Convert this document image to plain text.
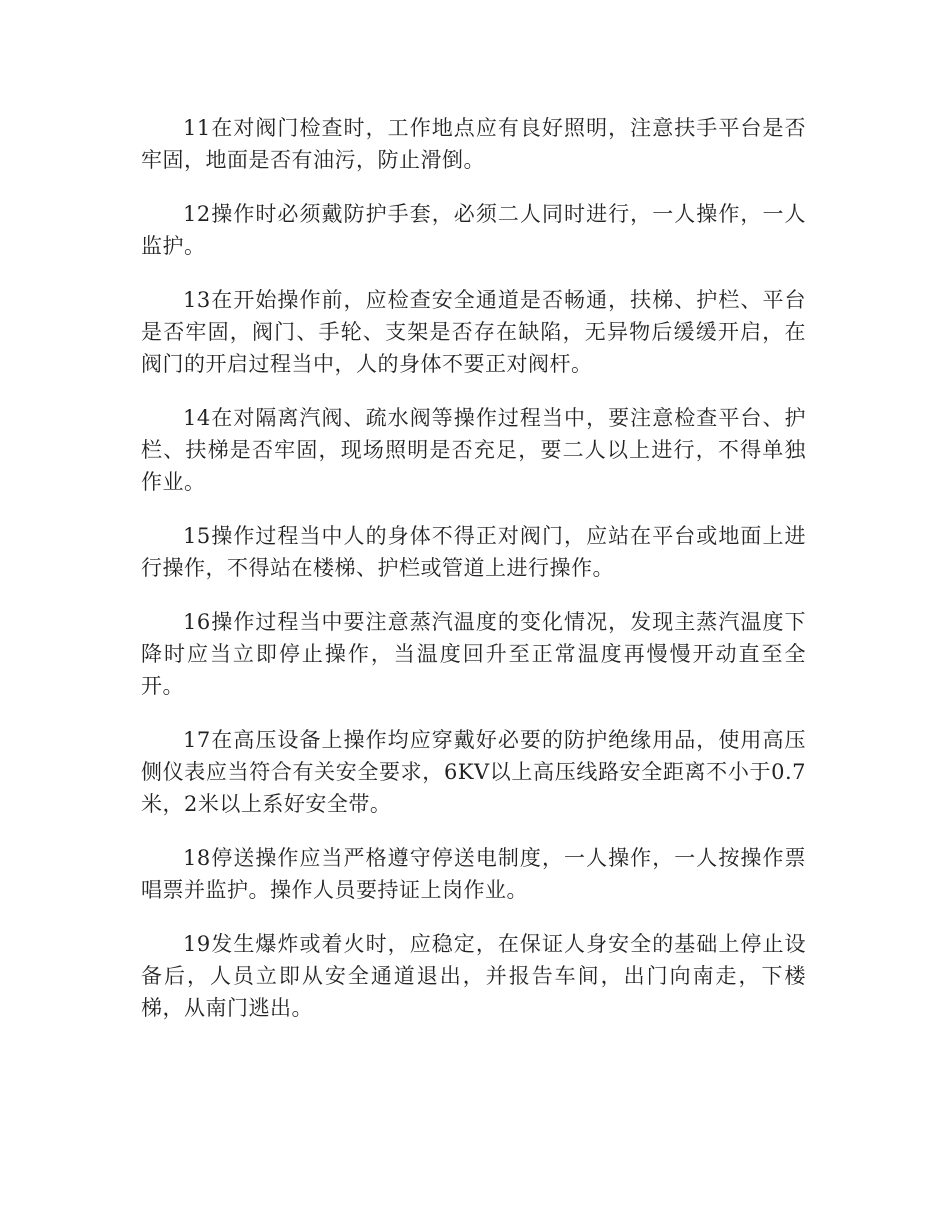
11在对阀门检查时，工作地点应有良好照明，注意扶手平台是否牢固，地面是否有油污，防止滑倒。

12操作时必须戴防护手套，必须二人同时进行，一人操作，一人监护。

13在开始操作前，应检查安全通道是否畅通，扶梯、护栏、平台是否牢固，阀门、手轮、支架是否存在缺陷，无异物后缓缓开启，在阀门的开启过程当中，人的身体不要正对阀杆。

14在对隔离汽阀、疏水阀等操作过程当中，要注意检查平台、护栏、扶梯是否牢固，现场照明是否充足，要二人以上进行，不得单独作业。

15操作过程当中人的身体不得正对阀门，应站在平台或地面上进行操作，不得站在楼梯、护栏或管道上进行操作。

16操作过程当中要注意蒸汽温度的变化情况，发现主蒸汽温度下降时应当立即停止操作，当温度回升至正常温度再慢慢开动直至全开。

17在高压设备上操作均应穿戴好必要的防护绝缘用品，使用高压侧仪表应当符合有关安全要求，6KV以上高压线路安全距离不小于0.7米，2米以上系好安全带。

18停送操作应当严格遵守停送电制度，一人操作，一人按操作票唱票并监护。操作人员要持证上岗作业。

19发生爆炸或着火时，应稳定，在保证人身安全的基础上停止设备后，人员立即从安全通道退出，并报告车间，出门向南走，下楼梯，从南门逃出。
